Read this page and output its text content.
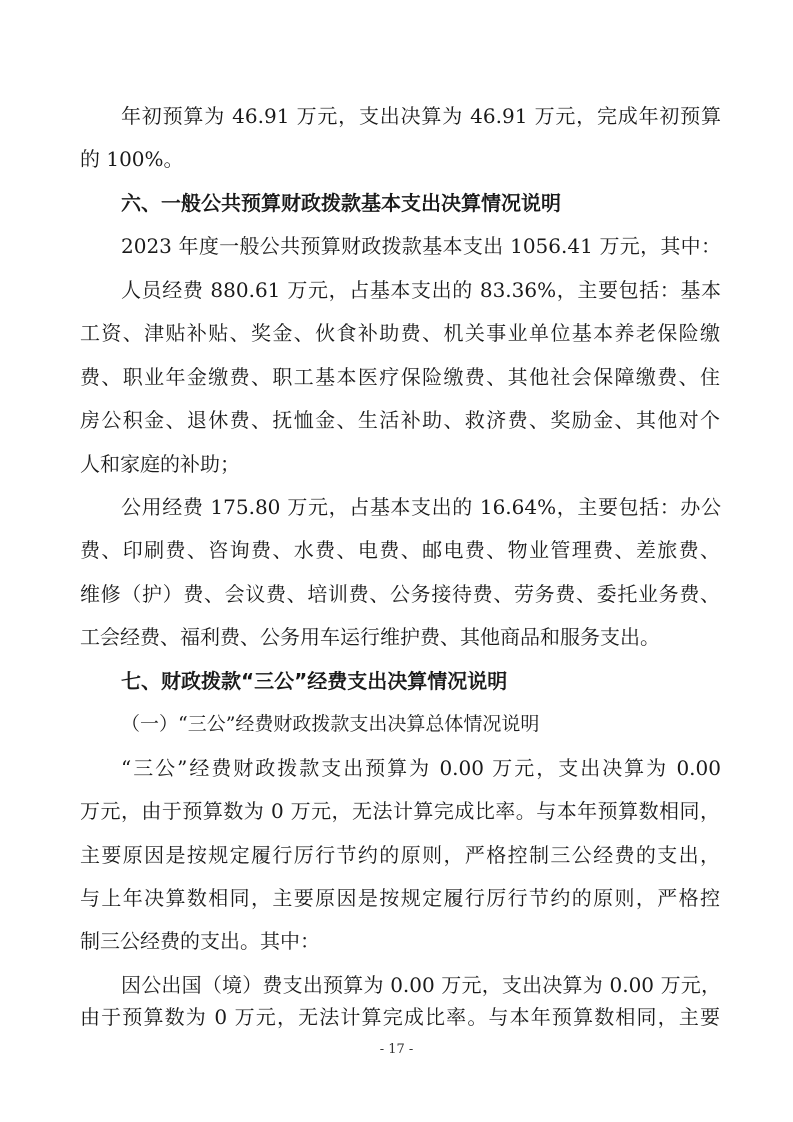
年初预算为 46.91 万元，支出决算为 46.91 万元，完成年初预算
的 100%。
六、一般公共预算财政拨款基本支出决算情况说明
2023 年度一般公共预算财政拨款基本支出 1056.41 万元，其中：
人员经费 880.61 万元，占基本支出的 83.36%，主要包括：基本
工资、津贴补贴、奖金、伙食补助费、机关事业单位基本养老保险缴
费、职业年金缴费、职工基本医疗保险缴费、其他社会保障缴费、住
房公积金、退休费、抚恤金、生活补助、救济费、奖励金、其他对个
人和家庭的补助；
公用经费 175.80 万元，占基本支出的 16.64%，主要包括：办公
费、印刷费、咨询费、水费、电费、邮电费、物业管理费、差旅费、
维修（护）费、会议费、培训费、公务接待费、劳务费、委托业务费、
工会经费、福利费、公务用车运行维护费、其他商品和服务支出。
七、财政拨款“三公”经费支出决算情况说明
（一）“三公”经费财政拨款支出决算总体情况说明
“三公”经费财政拨款支出预算为 0.00 万元，支出决算为 0.00
万元，由于预算数为 0 万元，无法计算完成比率。与本年预算数相同，
主要原因是按规定履行厉行节约的原则，严格控制三公经费的支出，
与上年决算数相同，主要原因是按规定履行厉行节约的原则，严格控
制三公经费的支出。其中：
因公出国（境）费支出预算为 0.00 万元，支出决算为 0.00 万元，
由于预算数为 0 万元，无法计算完成比率。与本年预算数相同，主要
- 17 -
